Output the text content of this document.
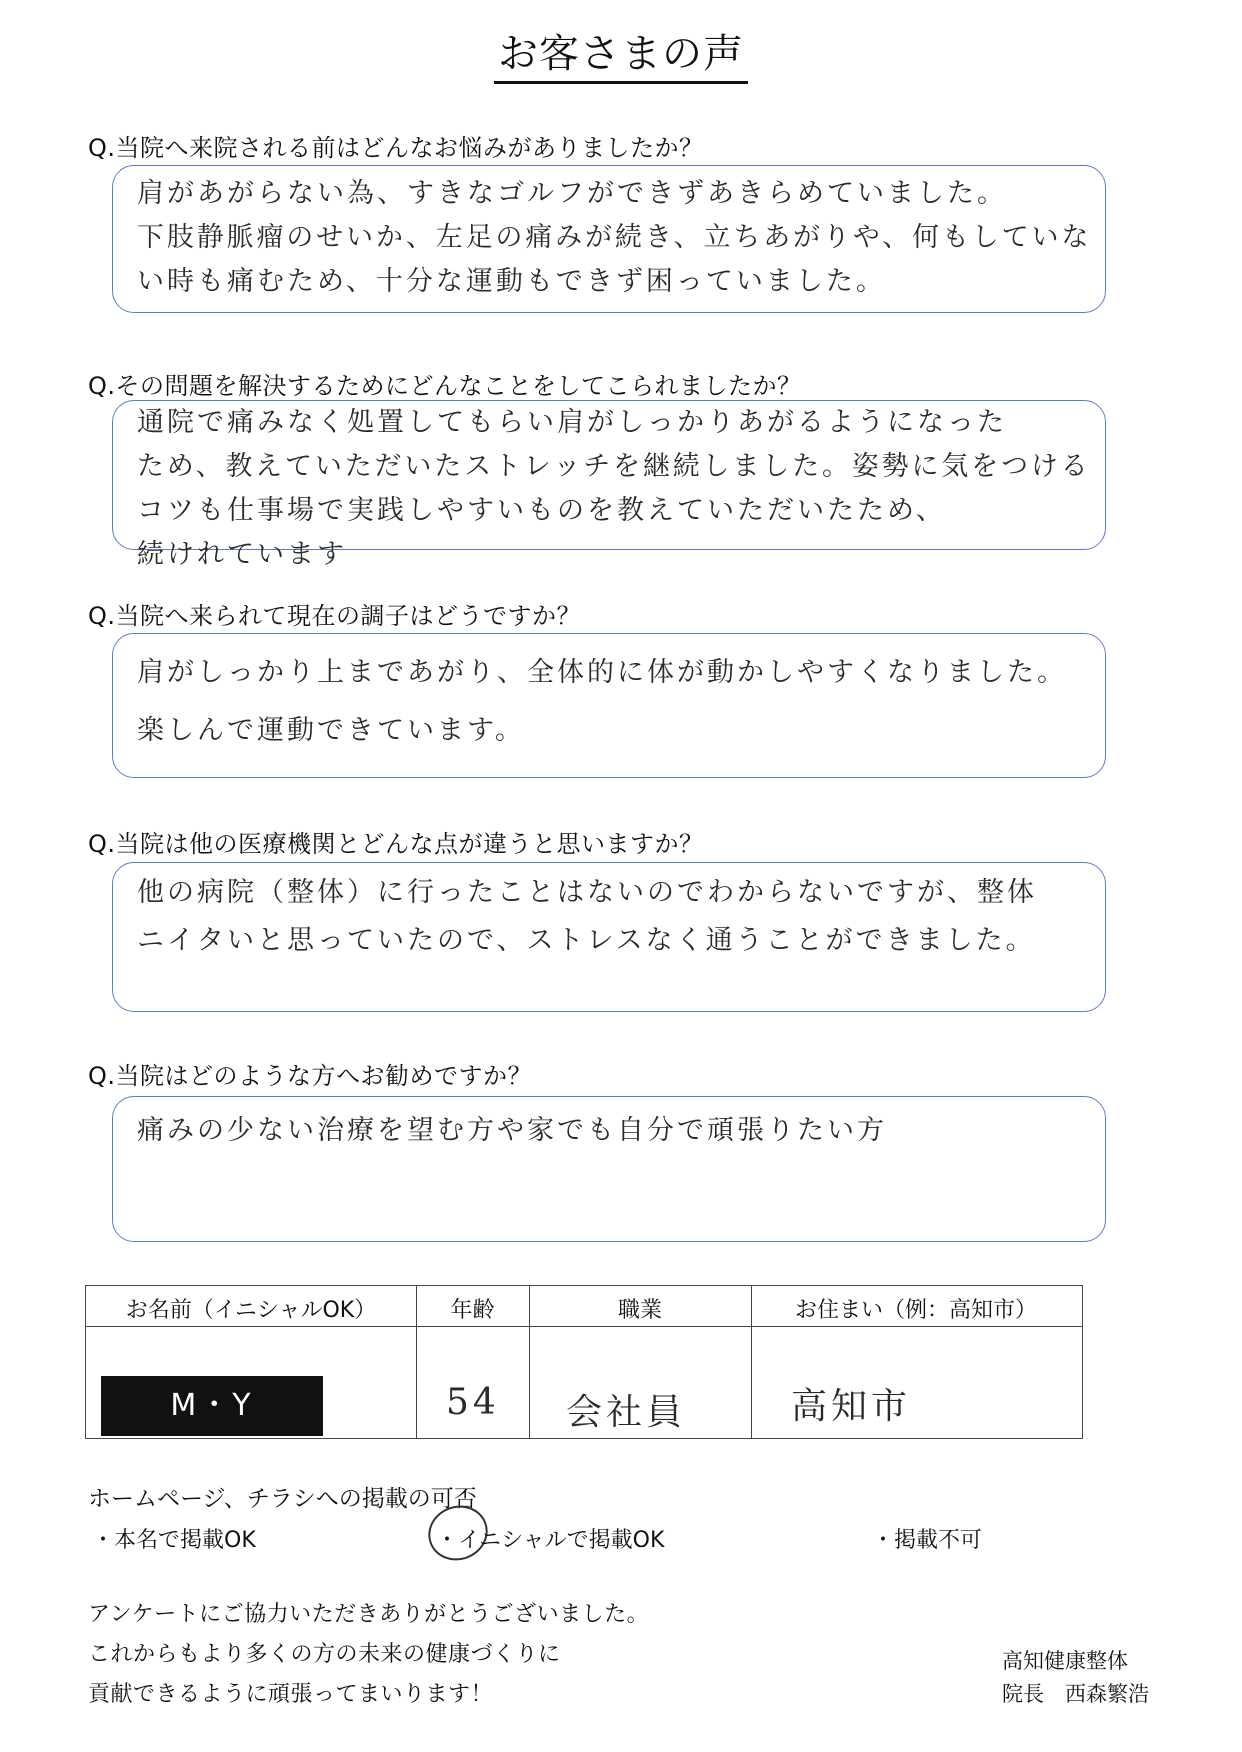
お客さまの声
Q.当院へ来院される前はどんなお悩みがありましたか？
肩があがらない為、すきなゴルフができずあきらめていました。
下肢静脈瘤のせいか、左足の痛みが続き、立ちあがりや、何もしていな
い時も痛むため、十分な運動もできず困っていました。
Q.その問題を解決するためにどんなことをしてこられましたか？
通院で痛みなく処置してもらい肩がしっかりあがるようになった
ため、教えていただいたストレッチを継続しました。姿勢に気をつける
コツも仕事場で実践しやすいものを教えていただいたため、
続けれています
Q.当院へ来られて現在の調子はどうですか？
肩がしっかり上まであがり、全体的に体が動かしやすくなりました。
楽しんで運動できています。
Q.当院は他の医療機関とどんな点が違うと思いますか？
他の病院（整体）に行ったことはないのでわからないですが、整体
ニイタいと思っていたので、ストレスなく通うことができました。
Q.当院はどのような方へお勧めですか？
痛みの少ない治療を望む方や家でも自分で頑張りたい方
お名前（イニシャルOK）	年齢	職業	お住まい（例：高知市）
M・Y	54 会社員	高知市
ホームページ、チラシへの掲載の可否
・本名で掲載OK	・イニシャルで掲載OK	・掲載不可
アンケートにご協力いただきありがとうございました。
これからもより多くの方の未来の健康づくりに
貢献できるように頑張ってまいります！
高知健康整体
院長　西森繁浩
